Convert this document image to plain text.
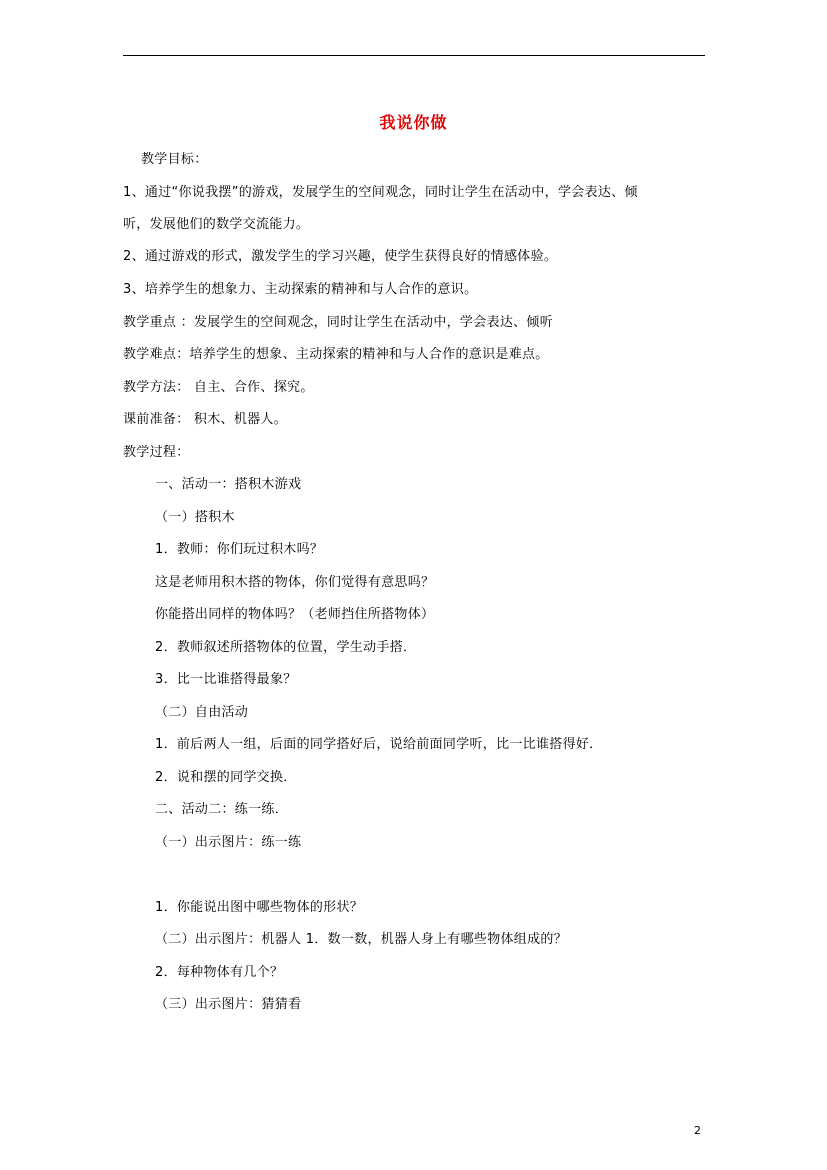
我说你做
教学目标：
1、通过“你说我摆”的游戏，发展学生的空间观念，同时让学生在活动中，学会表达、倾
听，发展他们的数学交流能力。
2、通过游戏的形式，激发学生的学习兴趣，使学生获得良好的情感体验。
3、培养学生的想象力、主动探索的精神和与人合作的意识。
教学重点 ：发展学生的空间观念，同时让学生在活动中，学会表达、倾听
教学难点：培养学生的想象、主动探索的精神和与人合作的意识是难点。
教学方法： 自主、合作、探究。
课前准备： 积木、机器人。
教学过程：
一、活动一：搭积木游戏
（一）搭积木
1．教师：你们玩过积木吗？
这是老师用积木搭的物体，你们觉得有意思吗？
你能搭出同样的物体吗？（老师挡住所搭物体）
2．教师叙述所搭物体的位置，学生动手搭．
3．比一比谁搭得最象？
（二）自由活动
1．前后两人一组，后面的同学搭好后，说给前面同学听，比一比谁搭得好．
2．说和摆的同学交换．
二、活动二：练一练．
（一）出示图片：练一练
1．你能说出图中哪些物体的形状？
（二）出示图片：机器人 1．数一数，机器人身上有哪些物体组成的？
2．每种物体有几个？
（三）出示图片：猜猜看
2
